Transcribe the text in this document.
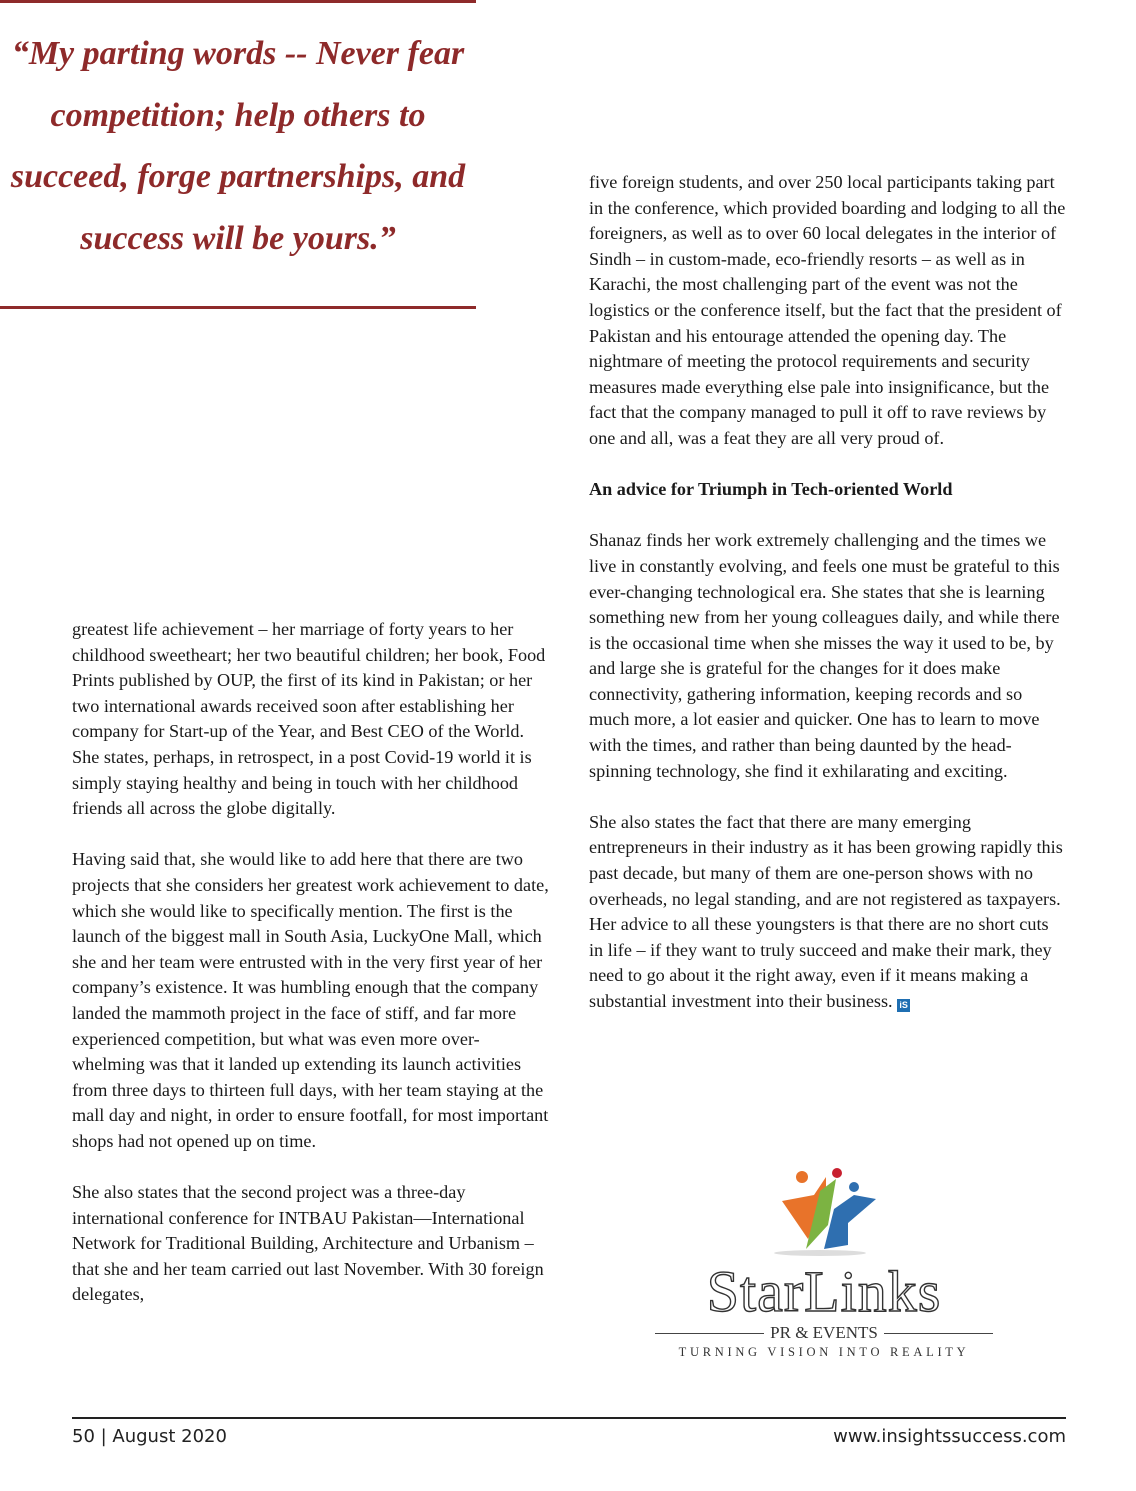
“My parting words -- Never fear competition; help others to succeed, forge partnerships, and success will be yours.”

greatest life achievement – her marriage of forty years to her childhood sweetheart; her two beautiful children; her book, Food Prints published by OUP, the first of its kind in Pakistan; or her two international awards received soon after establishing her company for Start-up of the Year, and Best CEO of the World. She states, perhaps, in retrospect, in a post Covid-19 world it is simply staying healthy and being in touch with her childhood friends all across the globe digitally.

Having said that, she would like to add here that there are two projects that she considers her greatest work achievement to date, which she would like to specifically mention. The first is the launch of the biggest mall in South Asia, LuckyOne Mall, which she and her team were entrusted with in the very first year of her company’s existence. It was humbling enough that the company landed the mammoth project in the face of stiff, and far more experienced competition, but what was even more over-whelming was that it landed up extending its launch activities from three days to thirteen full days, with her team staying at the mall day and night, in order to ensure footfall, for most important shops had not opened up on time.

She also states that the second project was a three-day international conference for INTBAU Pakistan—International Network for Traditional Building, Architecture and Urbanism – that she and her team carried out last November. With 30 foreign delegates,

five foreign students, and over 250 local participants taking part in the conference, which provided boarding and lodging to all the foreigners, as well as to over 60 local delegates in the interior of Sindh – in custom-made, eco-friendly resorts – as well as in Karachi, the most challenging part of the event was not the logistics or the conference itself, but the fact that the president of Pakistan and his entourage attended the opening day. The nightmare of meeting the protocol requirements and security measures made everything else pale into insignificance, but the fact that the company managed to pull it off to rave reviews by one and all, was a feat they are all very proud of.

An advice for Triumph in Tech-oriented World

Shanaz finds her work extremely challenging and the times we live in constantly evolving, and feels one must be grateful to this ever-changing technological era. She states that she is learning something new from her young colleagues daily, and while there is the occasional time when she misses the way it used to be, by and large she is grateful for the changes for it does make connectivity, gathering information, keeping records and so much more, a lot easier and quicker. One has to learn to move with the times, and rather than being daunted by the head-spinning technology, she find it exhilarating and exciting.

She also states the fact that there are many emerging entrepreneurs in their industry as it has been growing rapidly this past decade, but many of them are one-person shows with no overheads, no legal standing, and are not registered as taxpayers. Her advice to all these youngsters is that there are no short cuts in life – if they want to truly succeed and make their mark, they need to go about it the right away, even if it means making a substantial investment into their business. iS

StarLinks
PR & EVENTS
TURNING VISION INTO REALITY
50 | August 2020	www.insightssuccess.com
